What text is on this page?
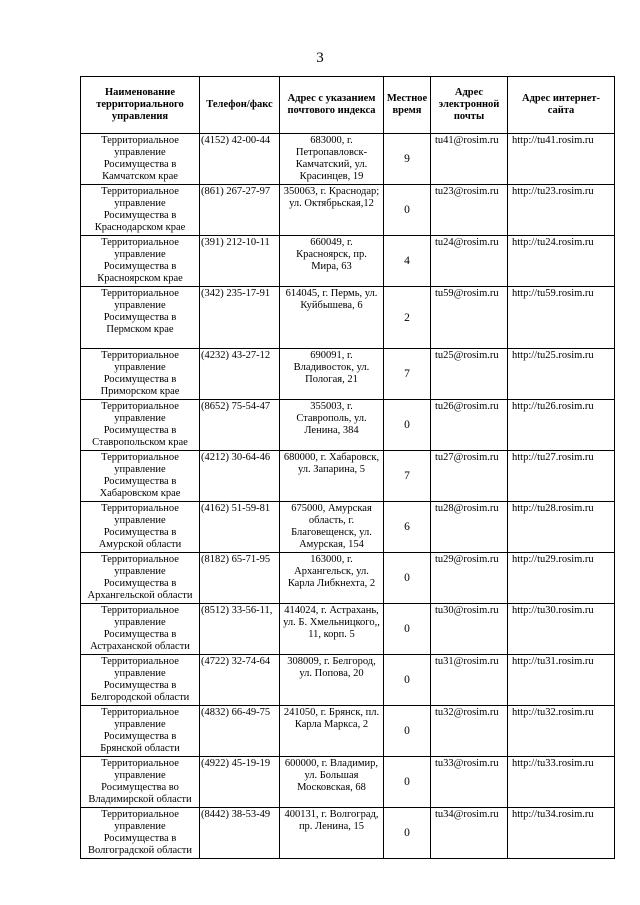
3
Наименование территориального управления	Телефон/факс	Адрес с указанием почтового индекса	Местное время	Адрес электронной почты	Адрес интернет-сайта
Территориальное управление Росимущества в Камчатском крае	(4152) 42-00-44	683000, г. Петропавловск-Камчатский, ул. Красинцев, 19	9	tu41@rosim.ru	http://tu41.rosim.ru
Территориальное управление Росимущества в Краснодарском крае	(861) 267-27-97	350063, г. Краснодар; ул. Октябрьская,12	0	tu23@rosim.ru	http://tu23.rosim.ru
Территориальное управление Росимущества в Красноярском крае	(391) 212-10-11	660049, г. Красноярск, пр. Мира, 63	4	tu24@rosim.ru	http://tu24.rosim.ru
Территориальное управление Росимущества в Пермском крае	(342) 235-17-91	614045, г. Пермь, ул. Куйбышева, 6	2	tu59@rosim.ru	http://tu59.rosim.ru
Территориальное управление Росимущества в Приморском крае	(4232) 43-27-12	690091, г. Владивосток, ул. Пологая, 21	7	tu25@rosim.ru	http://tu25.rosim.ru
Территориальное управление Росимущества в Ставропольском крае	(8652) 75-54-47	355003, г. Ставрополь, ул. Ленина, 384	0	tu26@rosim.ru	http://tu26.rosim.ru
Территориальное управление Росимущества в Хабаровском крае	(4212) 30-64-46	680000, г. Хабаровск, ул. Запарина, 5	7	tu27@rosim.ru	http://tu27.rosim.ru
Территориальное управление Росимущества в Амурской области	(4162) 51-59-81	675000, Амурская область, г. Благовещенск, ул. Амурская, 154	6	tu28@rosim.ru	http://tu28.rosim.ru
Территориальное управление Росимущества в Архангельской области	(8182) 65-71-95	163000, г. Архангельск, ул. Карла Либкнехта, 2	0	tu29@rosim.ru	http://tu29.rosim.ru
Территориальное управление Росимущества в Астраханской области	(8512) 33-56-11,	414024, г. Астрахань, ул. Б. Хмельницкого,, 11, корп. 5	0	tu30@rosim.ru	http://tu30.rosim.ru
Территориальное управление Росимущества в Белгородской области	(4722) 32-74-64	308009, г. Белгород, ул. Попова, 20	0	tu31@rosim.ru	http://tu31.rosim.ru
Территориальное управление Росимущества в Брянской области	(4832) 66-49-75	241050, г. Брянск, пл. Карла Маркса, 2	0	tu32@rosim.ru	http://tu32.rosim.ru
Территориальное управление Росимущества во Владимирской области	(4922) 45-19-19	600000, г. Владимир, ул. Большая Московская, 68	0	tu33@rosim.ru	http://tu33.rosim.ru
Территориальное управление Росимущества в Волгоградской области	(8442) 38-53-49	400131, г. Волгоград, пр. Ленина, 15	0	tu34@rosim.ru	http://tu34.rosim.ru
